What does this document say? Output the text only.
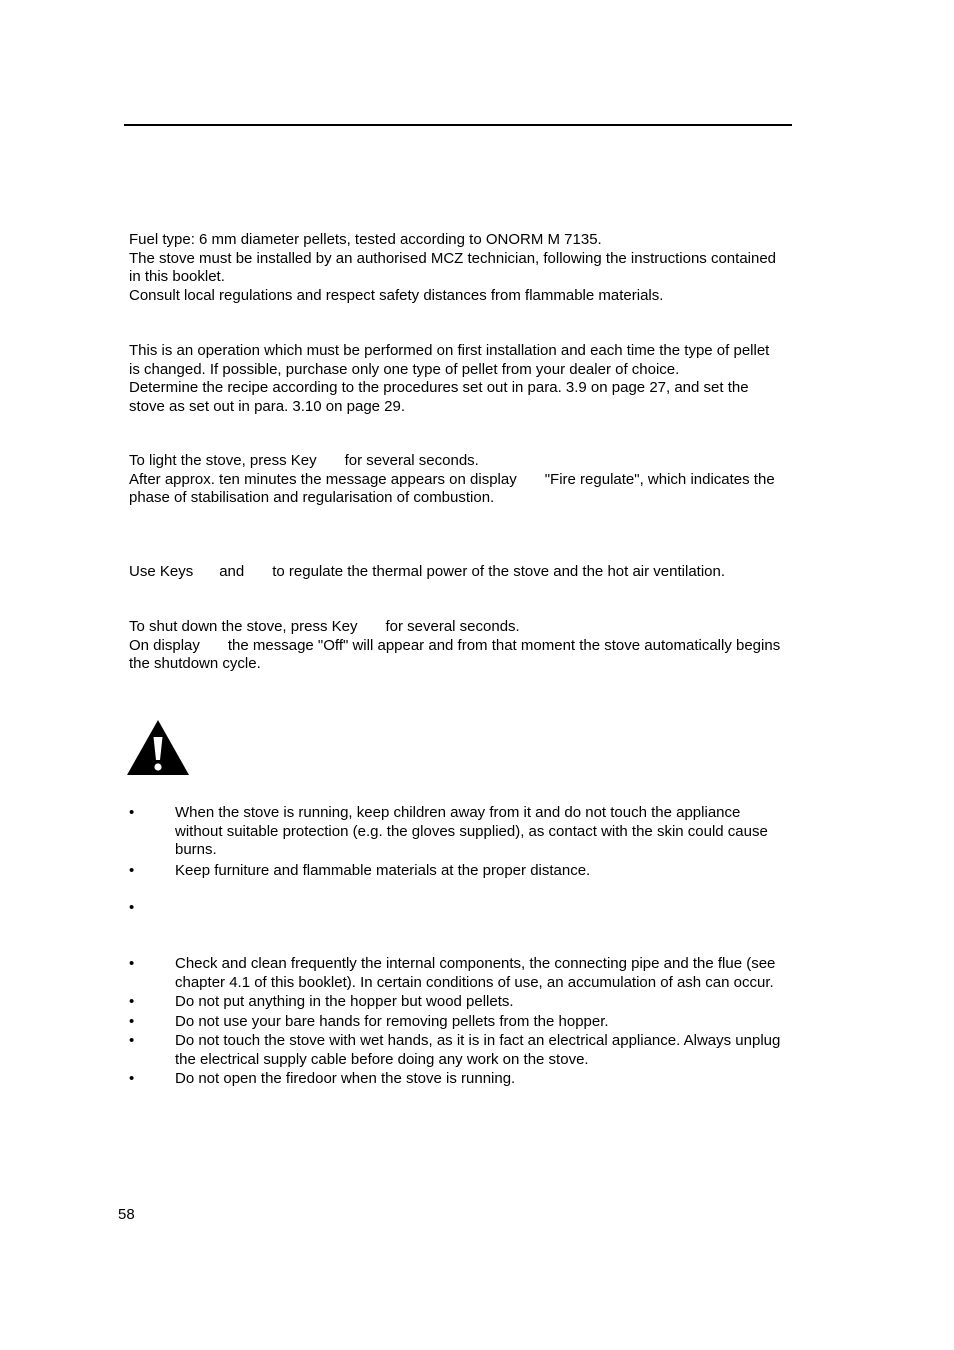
Fuel type: 6 mm diameter pellets, tested according to ONORM M 7135.
The stove must be installed by an authorised MCZ technician, following the instructions contained
in this booklet.
Consult local regulations and respect safety distances from flammable materials.
This is an operation which must be performed on first installation and each time the type of pellet
is changed. If possible, purchase only one type of pellet from your dealer of choice.
Determine the recipe according to the procedures set out in para. 3.9 on page 27, and set the
stove as set out in para. 3.10 on page 29.
To light the stove, press Key for several seconds.
After approx. ten minutes the message appears on display "Fire regulate", which indicates the
phase of stabilisation and regularisation of combustion.
Use Keys and to regulate the thermal power of the stove and the hot air ventilation.
To shut down the stove, press Key for several seconds.
On display the message "Off" will appear and from that moment the stove automatically begins
the shutdown cycle.
•	When the stove is running, keep children away from it and do not touch the appliance
without suitable protection (e.g. the gloves supplied), as contact with the skin could cause
burns.
•	Keep furniture and flammable materials at the proper distance.
•
•	Check and clean frequently the internal components, the connecting pipe and the flue (see
chapter 4.1 of this booklet). In certain conditions of use, an accumulation of ash can occur.
•	Do not put anything in the hopper but wood pellets.
•	Do not use your bare hands for removing pellets from the hopper.
•	Do not touch the stove with wet hands, as it is in fact an electrical appliance. Always unplug
the electrical supply cable before doing any work on the stove.
•	Do not open the firedoor when the stove is running.
58
